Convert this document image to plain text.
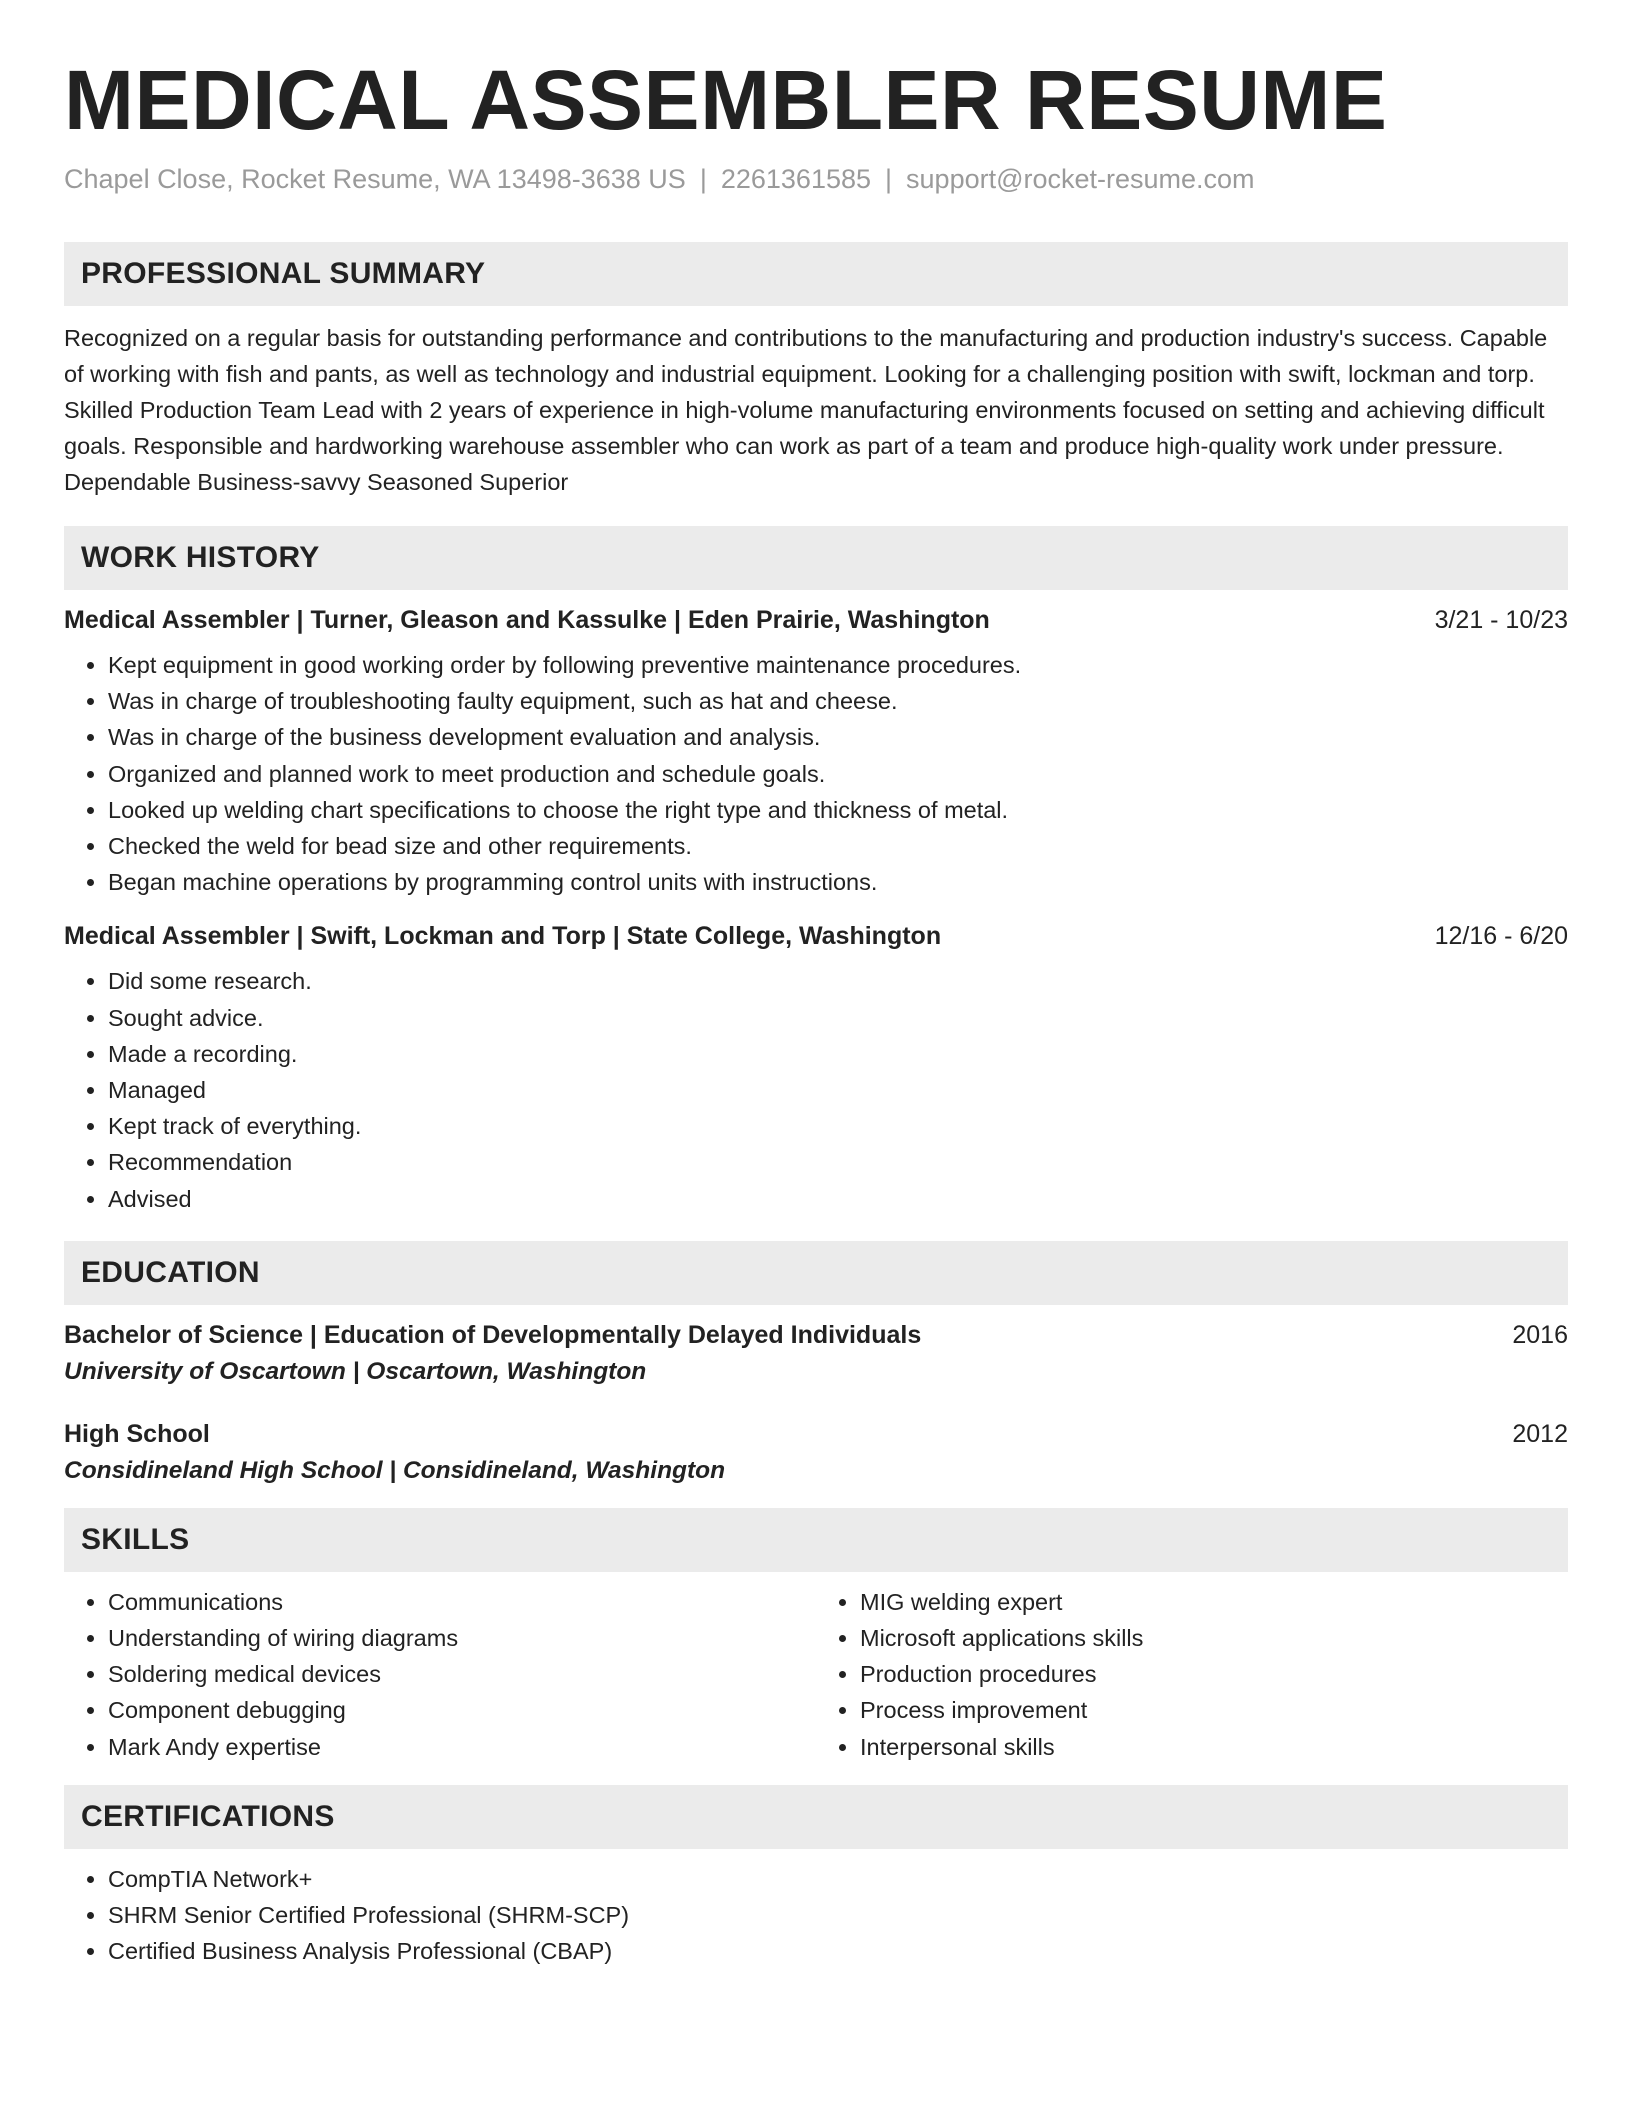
MEDICAL ASSEMBLER RESUME
Chapel Close, Rocket Resume, WA 13498-3638 US | 2261361585 | support@rocket-resume.com
PROFESSIONAL SUMMARY

Recognized on a regular basis for outstanding performance and contributions to the manufacturing and production industry's success. Capable of working with fish and pants, as well as technology and industrial equipment. Looking for a challenging position with swift, lockman and torp. Skilled Production Team Lead with 2 years of experience in high-volume manufacturing environments focused on setting and achieving difficult goals. Responsible and hardworking warehouse assembler who can work as part of a team and produce high-quality work under pressure. Dependable Business-savvy Seasoned Superior

WORK HISTORY
Medical Assembler | Turner, Gleason and Kassulke | Eden Prairie, Washington	3/21 - 10/23
• Kept equipment in good working order by following preventive maintenance procedures.
• Was in charge of troubleshooting faulty equipment, such as hat and cheese.
• Was in charge of the business development evaluation and analysis.
• Organized and planned work to meet production and schedule goals.
• Looked up welding chart specifications to choose the right type and thickness of metal.
• Checked the weld for bead size and other requirements.
• Began machine operations by programming control units with instructions.
Medical Assembler | Swift, Lockman and Torp | State College, Washington	12/16 - 6/20
• Did some research.
• Sought advice.
• Made a recording.
• Managed
• Kept track of everything.
• Recommendation
• Advised
EDUCATION
Bachelor of Science | Education of Developmentally Delayed Individuals	2016
University of Oscartown | Oscartown, Washington
High School	2012
Considineland High School | Considineland, Washington
SKILLS
• Communications
• Understanding of wiring diagrams
• Soldering medical devices
• Component debugging
• Mark Andy expertise
• MIG welding expert
• Microsoft applications skills
• Production procedures
• Process improvement
• Interpersonal skills
CERTIFICATIONS
• CompTIA Network+
• SHRM Senior Certified Professional (SHRM-SCP)
• Certified Business Analysis Professional (CBAP)
